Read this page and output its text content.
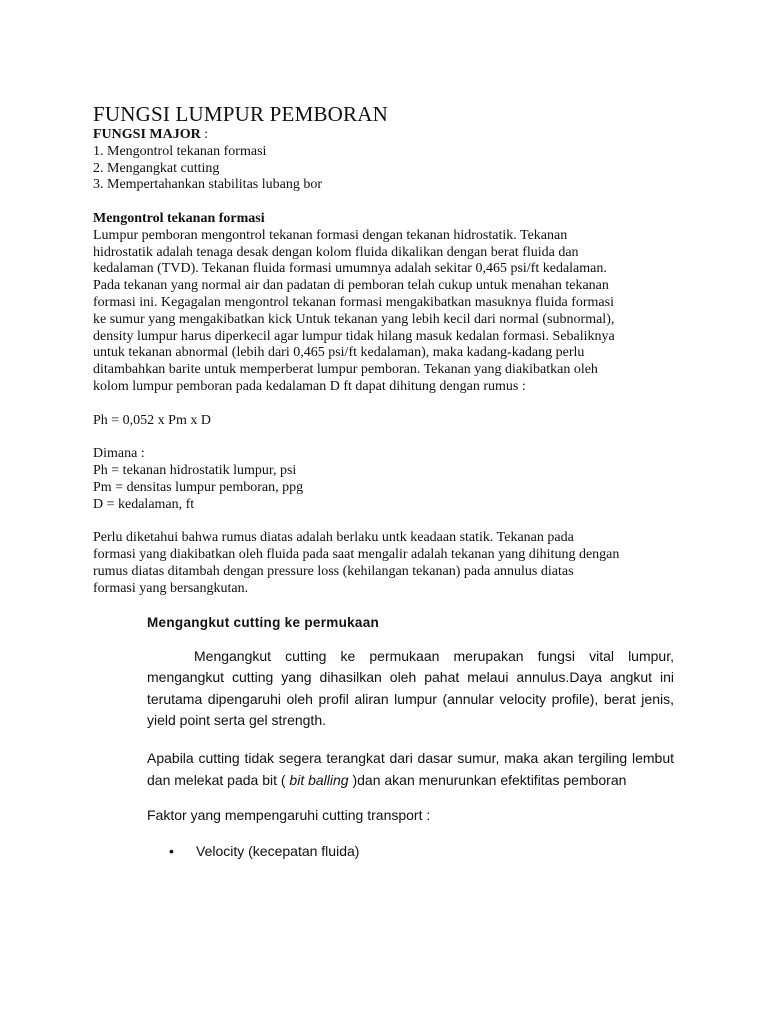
FUNGSI LUMPUR PEMBORAN

FUNGSI MAJOR :

1. Mengontrol tekanan formasi
2. Mengangkat cutting
3. Mempertahankan stabilitas lubang bor

Mengontrol tekanan formasi

Lumpur pemboran mengontrol tekanan formasi dengan tekanan hidrostatik. Tekanan
hidrostatik adalah tenaga desak dengan kolom fluida dikalikan dengan berat fluida dan
kedalaman (TVD). Tekanan fluida formasi umumnya adalah sekitar 0,465 psi/ft kedalaman.
Pada tekanan yang normal air dan padatan di pemboran telah cukup untuk menahan tekanan
formasi ini. Kegagalan mengontrol tekanan formasi mengakibatkan masuknya fluida formasi
ke sumur yang mengakibatkan kick Untuk tekanan yang lebih kecil dari normal (subnormal),
density lumpur harus diperkecil agar lumpur tidak hilang masuk kedalan formasi. Sebaliknya
untuk tekanan abnormal (lebih dari 0,465 psi/ft kedalaman), maka kadang-kadang perlu
ditambahkan barite untuk memperberat lumpur pemboran. Tekanan yang diakibatkan oleh
kolom lumpur pemboran pada kedalaman D ft dapat dihitung dengan rumus :

Ph = 0,052 x Pm x D

Dimana :

Ph = tekanan hidrostatik lumpur, psi
Pm = densitas lumpur pemboran, ppg
D = kedalaman, ft
Perlu diketahui bahwa rumus diatas adalah berlaku untk keadaan statik. Tekanan pada
formasi yang diakibatkan oleh fluida pada saat mengalir adalah tekanan yang dihitung dengan
rumus diatas ditambah dengan pressure loss (kehilangan tekanan) pada annulus diatas
formasi yang bersangkutan.

Mengangkut cutting ke permukaan

Mengangkut cutting ke permukaan merupakan fungsi vital lumpur, mengangkut cutting yang dihasilkan oleh pahat melaui annulus.Daya angkut ini terutama dipengaruhi oleh profil aliran lumpur (annular velocity profile), berat jenis, yield point serta gel strength.

Apabila cutting tidak segera terangkat dari dasar sumur, maka akan tergiling lembut dan melekat pada bit ( bit balling )dan akan menurunkan efektifitas pemboran

Faktor yang mempengaruhi cutting transport :

• Velocity (kecepatan fluida)
